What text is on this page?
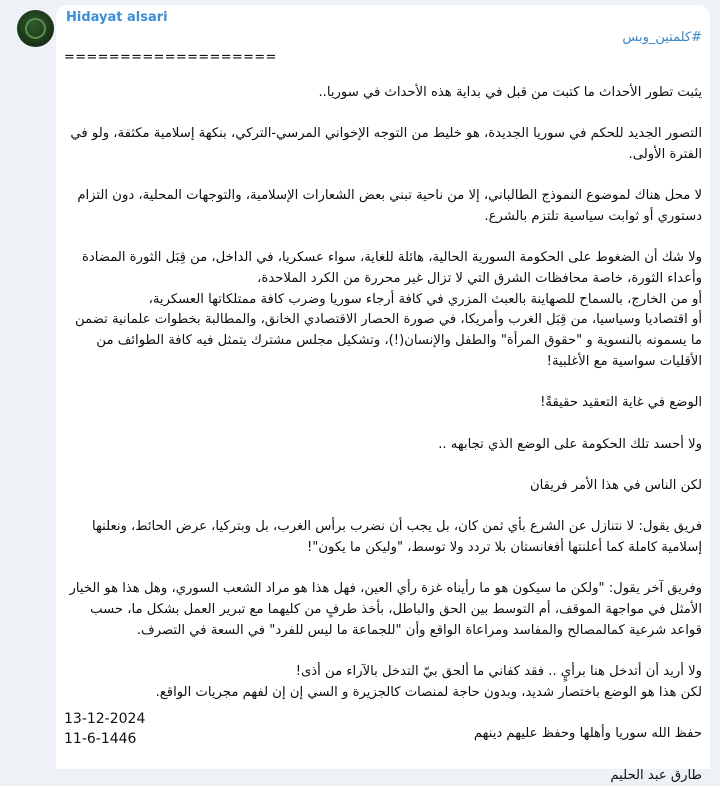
Hidayat alsari
#كلمتين_وبس
===================

يثبت تطور الأحداث ما كتبت من قبل في بداية هذه الأحداث في سوريا..

التصور الجديد للحكم في سوريا الجديدة، هو خليط من التوجه الإخواني المرسي-التركي، بنكهة إسلامية مكثفة، ولو في الفترة الأولى.

لا محل هناك لموضوع النموذج الطالباني، إلا من ناحية تبني بعض الشعارات الإسلامية، والتوجهات المحلية، دون التزام دستوري أو ثوابت سياسية تلتزم بالشرع.

ولا شك أن الضغوط على الحكومة السورية الحالية، هائلة للغاية، سواء عسكريا، في الداخل، من قِبَل الثورة المضادة وأعداء الثورة، خاصة محافظات الشرق التي لا تزال غير محررة من الكرد الملاحدة،
أو من الخارج، بالسماح للصهاينة بالعبث المزري في كافة أرجاء سوريا وضرب كافة ممتلكاتها العسكرية،
أو اقتصاديا وسياسيا، من قِبَل الغرب وأمريكا، في صورة الحصار الاقتصادي الخانق، والمطالبة بخطوات علمانية تضمن ما يسمونه بالنسوية و "حقوق المرأة" والطفل والإنسان(!)، وتشكيل مجلس مشترك يتمثل فيه كافة الطوائف من الأقليات سواسية مع الأغلبية!

الوضع في غاية التعقيد حقيقةً!

ولا أحسد تلك الحكومة على الوضع الذي تجابهه ..

لكن الناس في هذا الأمر فريقان

فريق يقول: لا نتنازل عن الشرع بأي ثمن كان، بل يجب أن نضرب برأس الغرب، بل وبتركيا، عرض الحائط، ونعلنها إسلامية كاملة كما أعلنتها أفغانستان بلا تردد ولا توسط، "وليكن ما يكون"!

وفريق آخر يقول: "ولكن ما سيكون هو ما رأيناه غزة رأي العين، فهل هذا هو مراد الشعب السوري، وهل هذا هو الخيار الأمثل في مواجهة الموقف، أم التوسط بين الحق والباطل، بأخذ طرفٍ من كليهما مع تبرير العمل بشكل ما، حسب قواعد شرعية كمالمصالح والمفاسد ومراعاة الواقع وأن "للجماعة ما ليس للفرد" في السعة في التصرف.

ولا أريد أن أتدخل هنا برأيٍ .. فقد كفاني ما ألحق بيّ التدخل بالآراء من أذى!
لكن هذا هو الوضع باختصار شديد، وبدون حاجة لمنصات كالجزيرة و السي إن إن لفهم مجريات الواقع.

حفظ الله سوريا وأهلها وحفظ عليهم دينهم

طارق عبد الحليم

13-12-2024
11-6-1446
